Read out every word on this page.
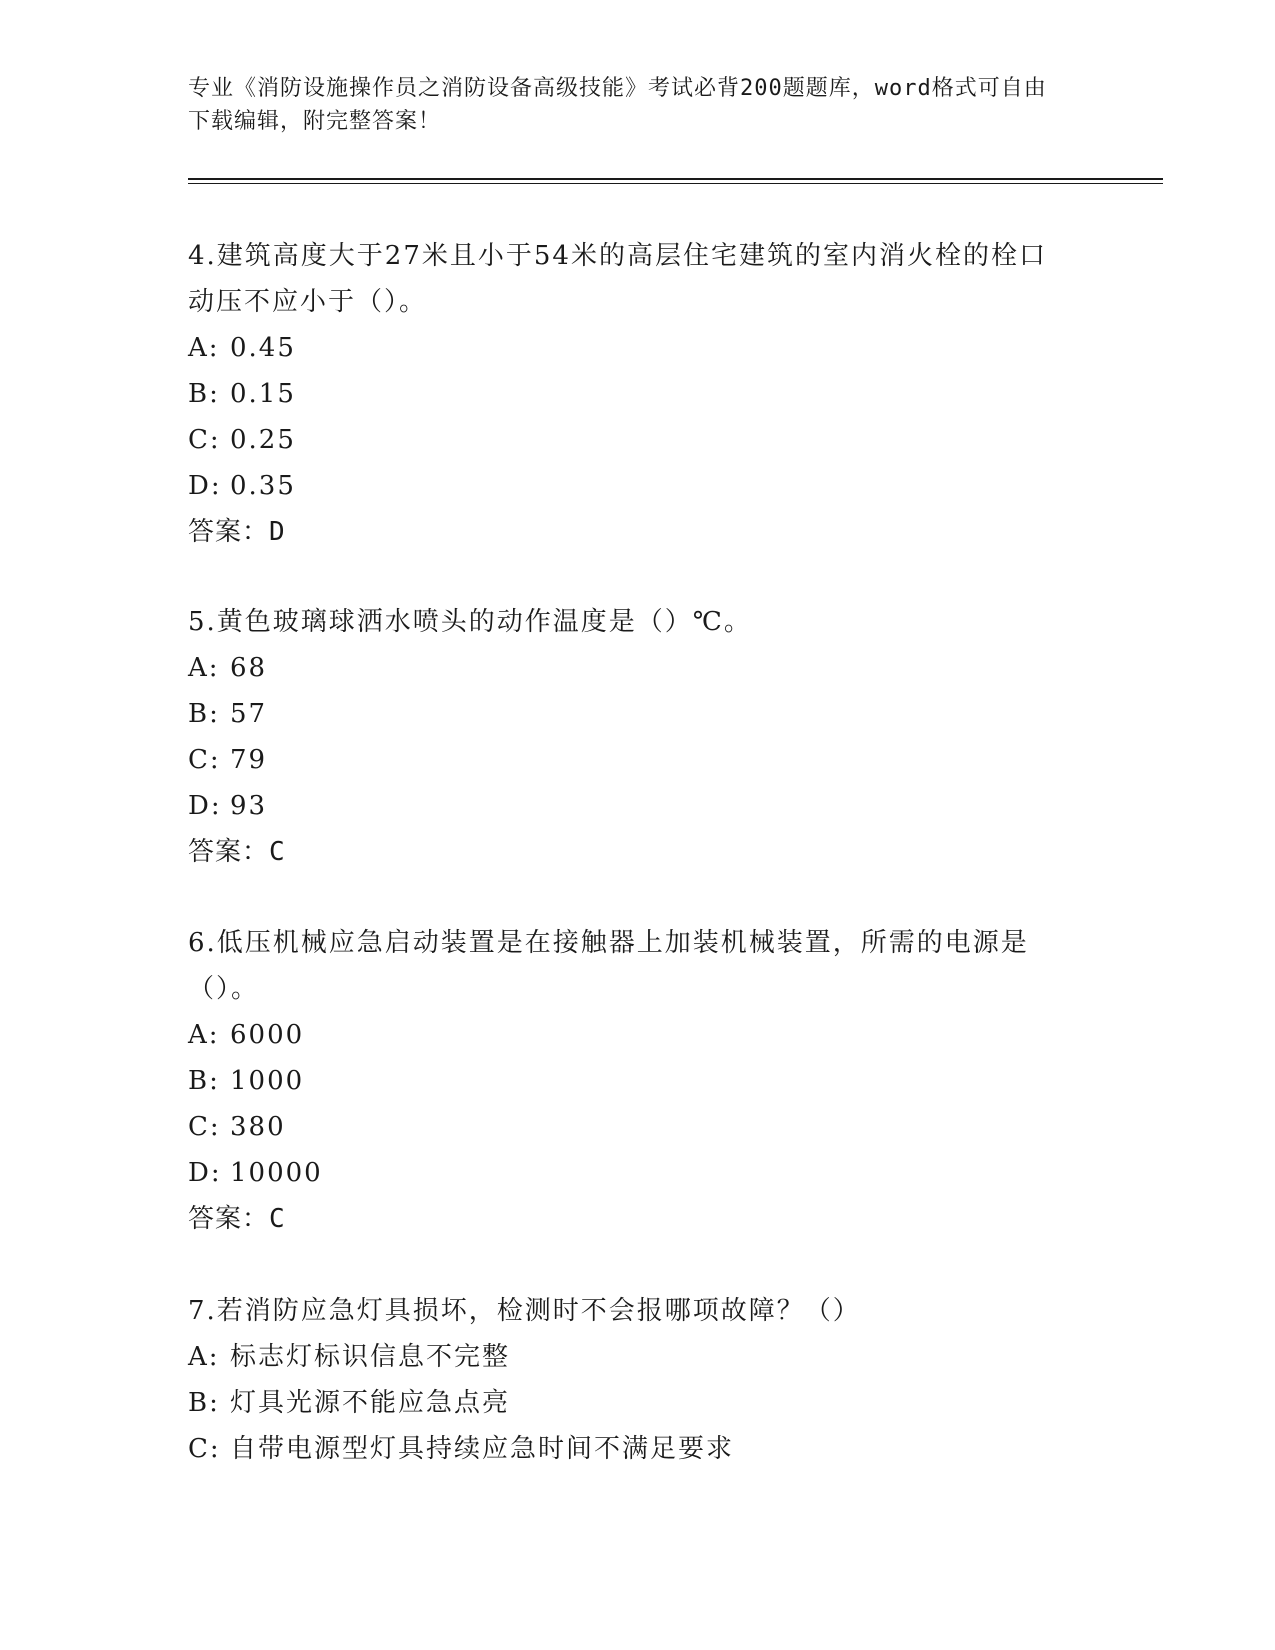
专业《消防设施操作员之消防设备高级技能》考试必背200题题库，word格式可自由下载编辑，附完整答案！
4.建筑高度大于27米且小于54米的高层住宅建筑的室内消火栓的栓口动压不应小于（）。
A: 0.45
B: 0.15
C: 0.25
D: 0.35
答案：D
5.黄色玻璃球洒水喷头的动作温度是（）℃。
A: 68
B: 57
C: 79
D: 93
答案：C
6.低压机械应急启动装置是在接触器上加装机械装置，所需的电源是（）。
A: 6000
B: 1000
C: 380
D: 10000
答案：C
7.若消防应急灯具损坏，检测时不会报哪项故障？（）
A: 标志灯标识信息不完整
B: 灯具光源不能应急点亮
C: 自带电源型灯具持续应急时间不满足要求
